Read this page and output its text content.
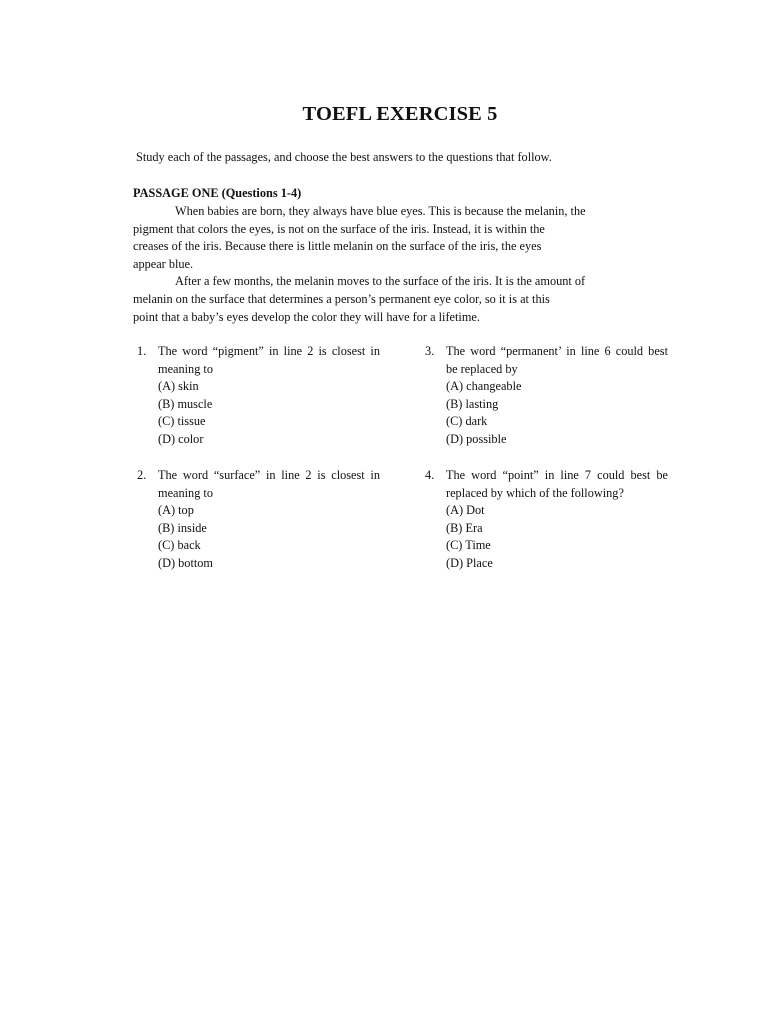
TOEFL EXERCISE 5
Study each of the passages, and choose the best answers to the questions that follow.
PASSAGE ONE (Questions 1-4)
When babies are born, they always have blue eyes. This is because the melanin, the
pigment that colors the eyes, is not on the surface of the iris. Instead, it is within the
creases of the iris. Because there is little melanin on the surface of the iris, the eyes
appear blue.
After a few months, the melanin moves to the surface of the iris. It is the amount of
melanin on the surface that determines a person’s permanent eye color, so it is at this
point that a baby’s eyes develop the color they will have for a lifetime.
1. The word “pigment” in line 2 is closest in
meaning to
(A) skin
(B) muscle
(C) tissue
(D) color
2. The word “surface” in line 2 is closest in
meaning to
(A) top
(B) inside
(C) back
(D) bottom
3. The word “permanent’ in line 6 could best
be replaced by
(A) changeable
(B) lasting
(C) dark
(D) possible
4. The word “point” in line 7 could best be
replaced by which of the following?
(A) Dot
(B) Era
(C) Time
(D) Place
